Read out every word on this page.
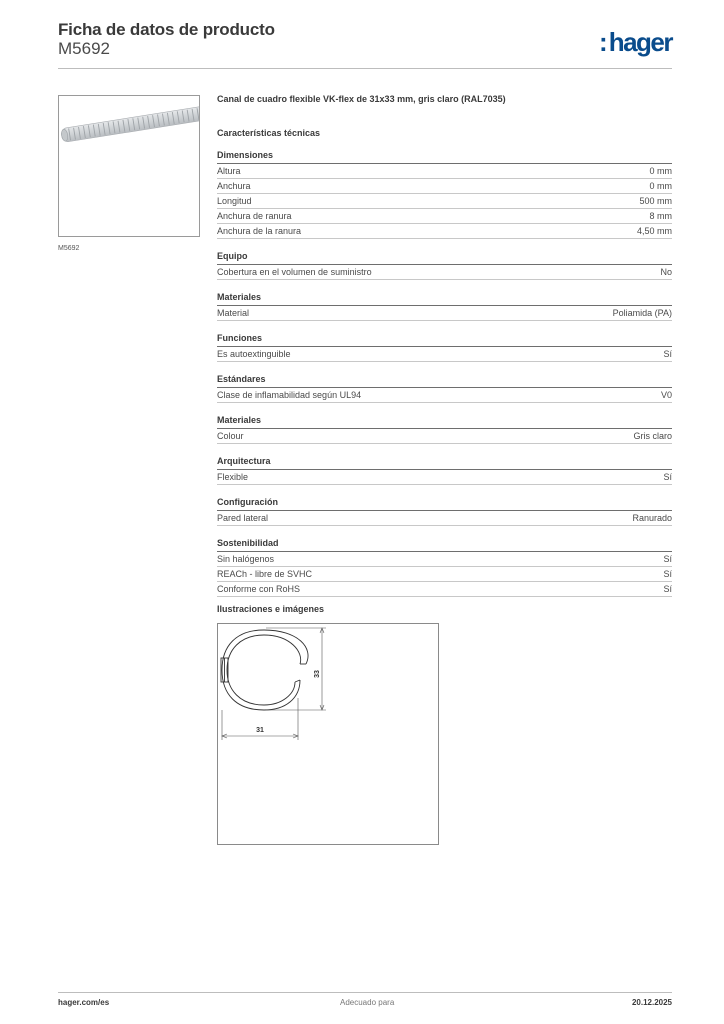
Ficha de datos de producto
M5692	:hager
M5692
Canal de cuadro flexible VK-flex de 31x33 mm, gris claro (RAL7035)
Características técnicas
Dimensiones
Altura	0 mm
Anchura	0 mm
Longitud	500 mm
Anchura de ranura	8 mm
Anchura de la ranura	4,50 mm
Equipo
Cobertura en el volumen de suministro	No
Materiales
Material	Poliamida (PA)
Funciones
Es autoextinguible	Sí
Estándares
Clase de inflamabilidad según UL94	V0
Materiales
Colour	Gris claro
Arquitectura
Flexible	Sí
Configuración
Pared lateral	Ranurado
Sostenibilidad
Sin halógenos	Sí
REACh - libre de SVHC	Sí
Conforme con RoHS	Sí
Ilustraciones e imágenes
33
31
hager.com/es	Adecuado para	20.12.2025
